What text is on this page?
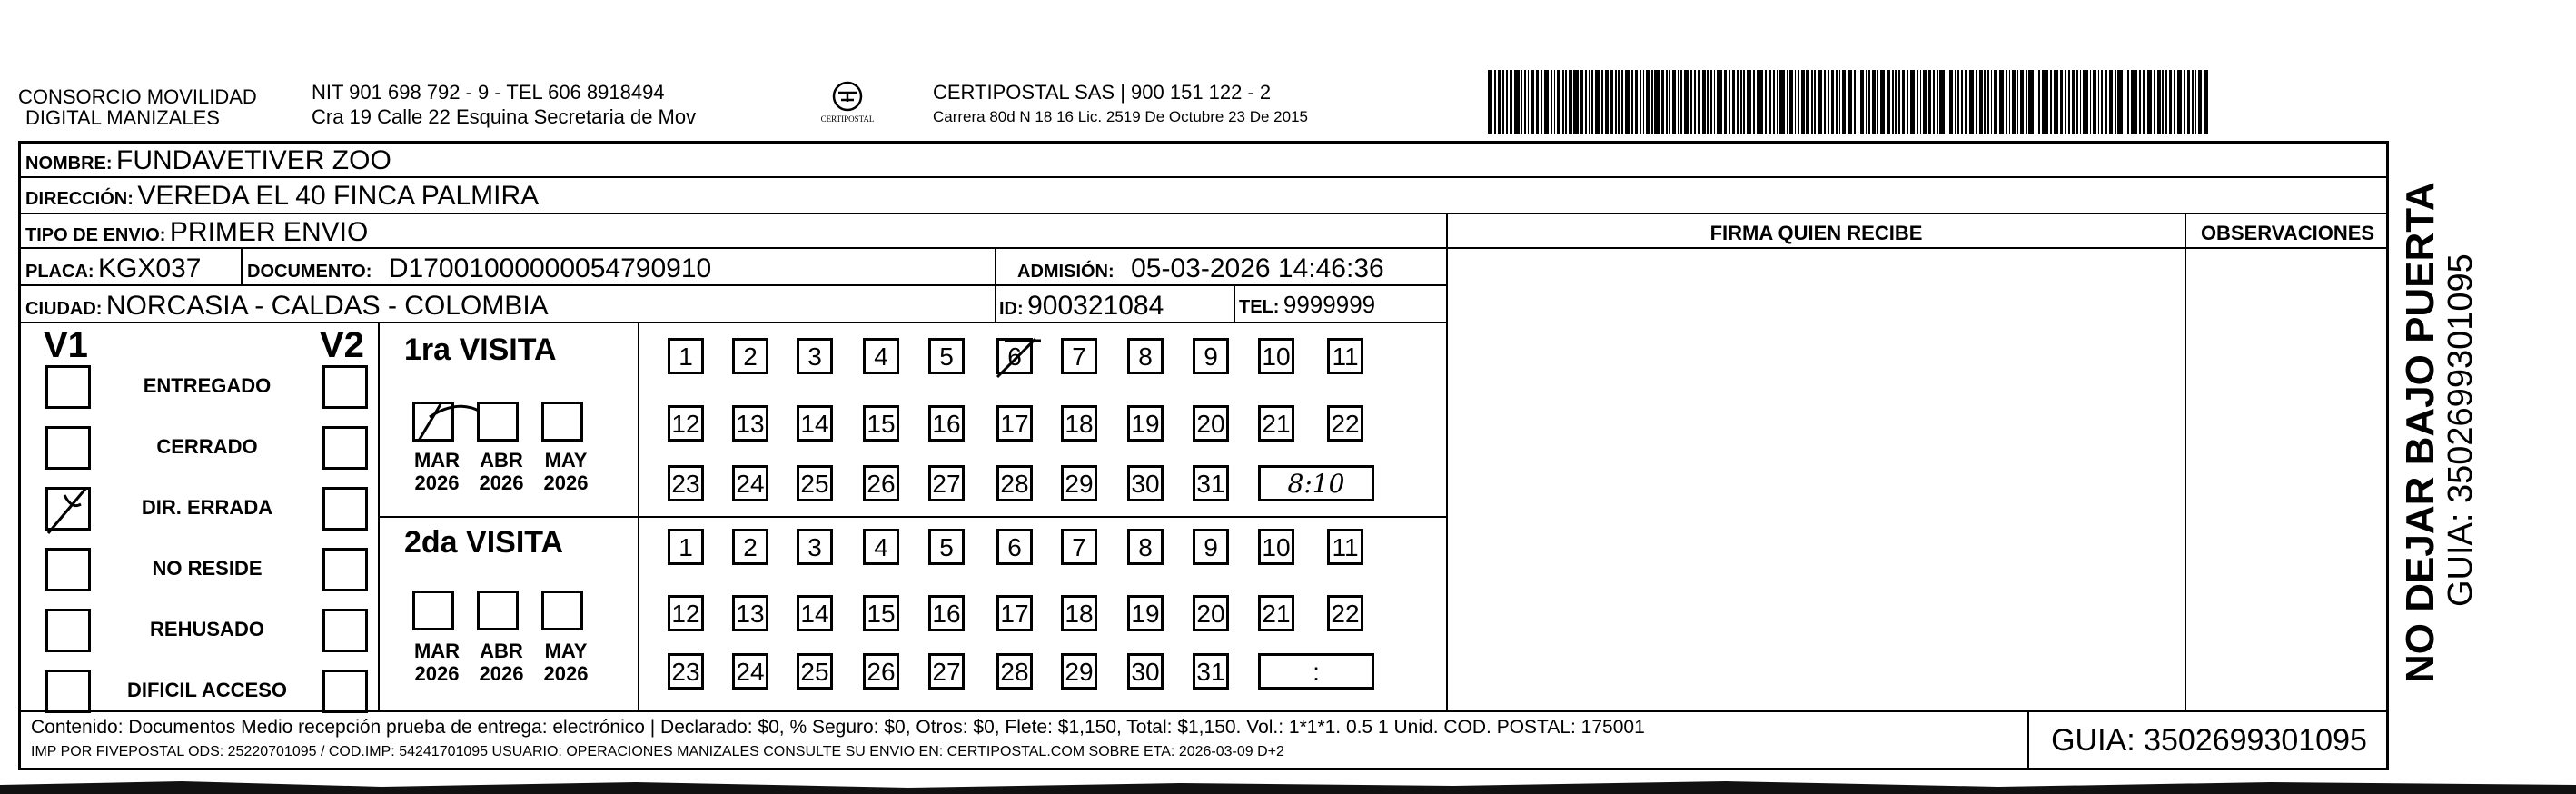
CONSORCIO MOVILIDAD
DIGITAL MANIZALES
NIT 901 698 792 - 9 - TEL 606 8918494
Cra 19 Calle 22 Esquina Secretaria de Mov	CERTIPOSTAL
CERTIPOSTAL SAS | 900 151 122 - 2
Carrera 80d N 18 16 Lic. 2519 De Octubre 23 De 2015
NOMBRE: FUNDAVETIVER ZOO
DIRECCIÓN: VEREDA EL 40 FINCA PALMIRA
TIPO DE ENVIO: PRIMER ENVIO	FIRMA QUIEN RECIBE	OBSERVACIONES
PLACA: KGX037	DOCUMENTO: D17001000000054790910	ADMISIÓN: 05-03-2026 14:46:36
CIUDAD: NORCASIA - CALDAS - COLOMBIA	ID: 900321084	TEL: 9999999
V1	V2
ENTREGADO
CERRADO
DIR. ERRADA
NO RESIDE
REHUSADO
DIFICIL ACCESO
1ra VISITA
2da VISITA
1	2	3	4	5	6	7	8	9	10 11
12 13 14 15 16 17 18 19 20 21 22
23 24 25 26 27 28 29 30 31	8:10
1	2	3	4	5	6	7	8	9	10 11
12 13 14 15 16 17 18 19 20 21 22
23 24 25 26 27 28 29 30 31	:
MAR
2026
ABR
2026
MAY
2026
MAR
2026
ABR
2026
MAY
2026
Contenido: Documentos Medio recepción prueba de entrega: electrónico | Declarado: $0, % Seguro: $0, Otros: $0, Flete: $1,150, Total: $1,150. Vol.: 1*1*1. 0.5 1 Unid. COD. POSTAL: 175001
IMP POR FIVEPOSTAL ODS: 25220701095 / COD.IMP: 54241701095 USUARIO: OPERACIONES MANIZALES CONSULTE SU ENVIO EN: CERTIPOSTAL.COM SOBRE ETA: 2026-03-09 D+2	GUIA: 3502699301095
NO DEJAR BAJO PUERTA GUIA: 3502699301095
